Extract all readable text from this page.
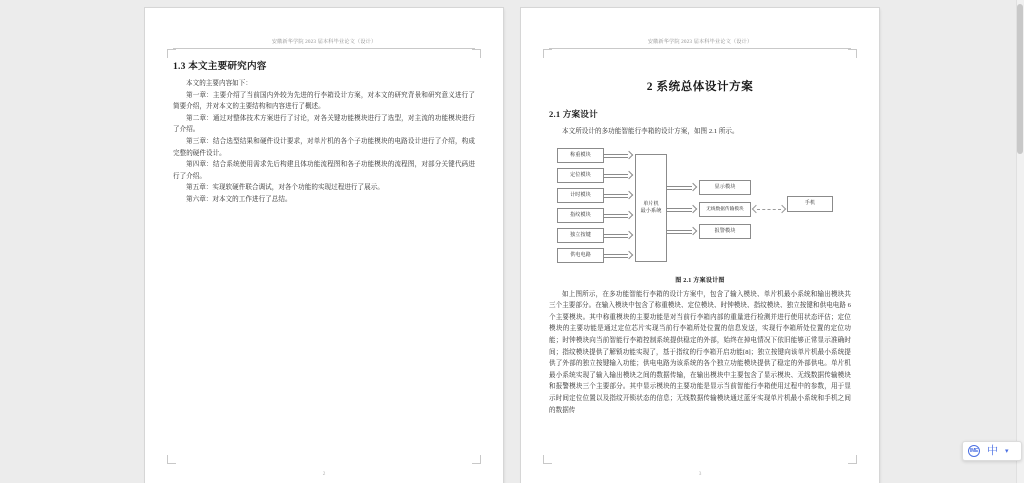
安徽新华学院 2023 届本科毕业论文（设计）
1.3 本文主要研究内容

本文的主要内容如下：

第一章：主要介绍了当前国内外较为先进的行李箱设计方案，对本文的研究背景和研究意义进行了简要介绍，并对本文的主要结构和内容进行了概述。

第二章：通过对整体技术方案进行了讨论，对各关键功能模块进行了选型，对主流的功能模块进行了介绍。

第三章：结合选型结果和硬件设计要求，对单片机的各个子功能模块的电路设计进行了介绍，构成完整的硬件设计。

第四章：结合系统使用需求先后构建且体功能流程图和各子功能模块的流程图，对部分关键代码进行了介绍。

第五章：实现软硬件联合调试，对各个功能的实现过程进行了展示。

第六章：对本文的工作进行了总结。

2
安徽新华学院 2023 届本科毕业论文（设计）
2 系统总体设计方案
2.1 方案设计

本文所设计的多功能智能行李箱的设计方案，如图 2.1 所示。

称重模块
定位模块
计时模块
指纹模块
独立按键
供电电路
单片机
最小系统
显示模块
无线数据传输模块
报警模块
手机
图 2.1 方案设计图

如上图所示，在多功能智能行李箱的设计方案中，包含了输入模块、单片机最小系统和输出模块共三个主要部分。在输入模块中包含了称重模块、定位模块、时钟模块、指纹模块、独立按键和供电电路 6 个主要模块。其中称重模块的主要功能是对当前行李箱内部的重量进行检测并进行使用状态评估；定位模块的主要功能是通过定位芯片实现当前行李箱所处位置的信息发送，实现行李箱所处位置的定位功能；时钟模块向当前智能行李箱控制系统提供稳定的外部，始终在掉电情况下依旧能够正常显示准确时间；指纹模块提供了解锁功能实现了，基于指纹的行李箱开启功能[8]；独立按键向该单片机最小系统提供了外部的独立按键输入功能；供电电路为该系统的各个独立功能模块提供了稳定的外部供电。单片机最小系统实现了输入输出模块之间的数据传输，在输出模块中主要包含了显示模块、无线数据传输模块和报警模块三个主要部分。其中显示模块的主要功能是显示当前智能行李箱使用过程中的参数，用于显示时间定位位置以及指纹开锁状态的信息；无线数据传输模块通过蓝牙实现单片机最小系统和手机之间的数据传

3
IME 中 ▾
